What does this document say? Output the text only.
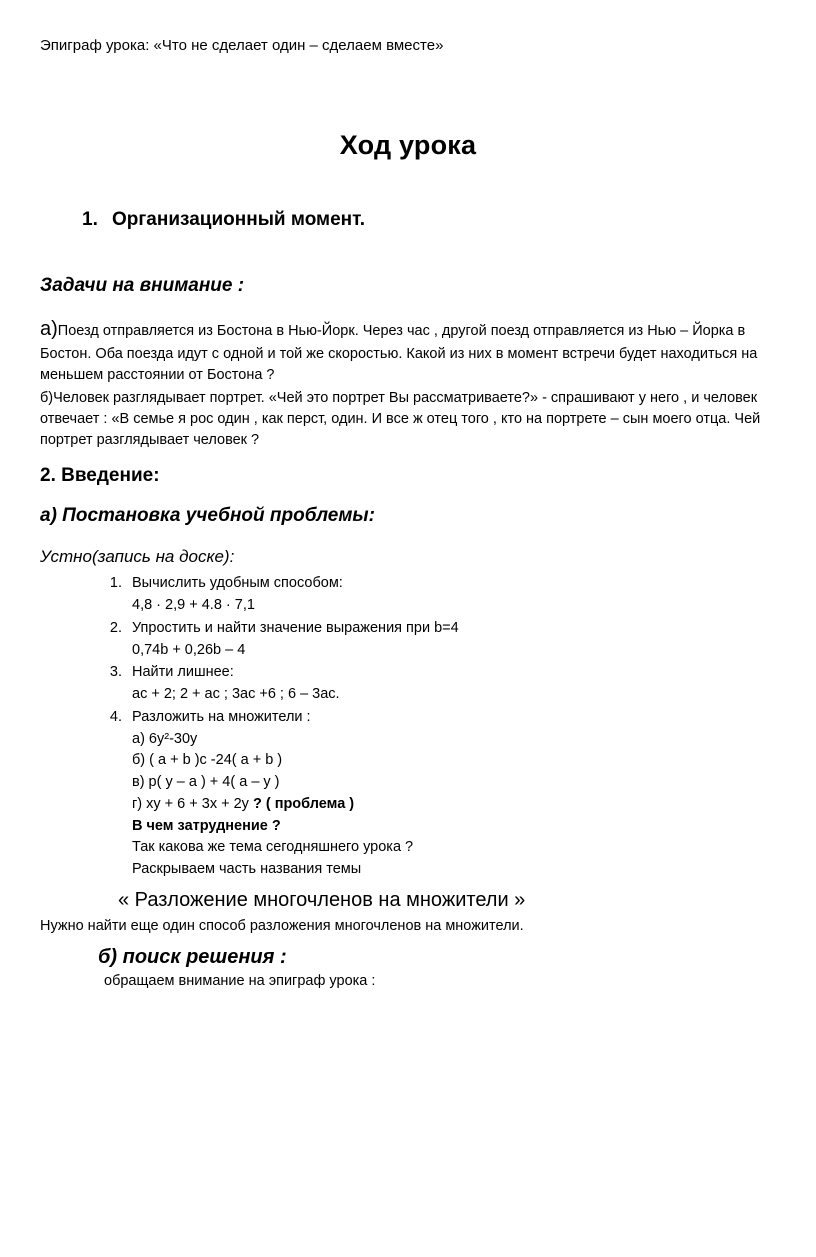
Эпиграф урока: «Что не сделает один – сделаем вместе»

Ход урока
1. Организационный момент.

Задачи на внимание :

а)Поезд отправляется из Бостона в Нью-Йорк. Через час , другой поезд отправляется из Нью – Йорка в Бостон. Оба поезда идут с одной и той же скоростью. Какой из них в момент встречи будет находиться на меньшем расстоянии от Бостона ?

б)Человек разглядывает портрет. «Чей это портрет Вы рассматриваете?» - спрашивают у него , и человек отвечает : «В семье я рос один , как перст, один. И все ж отец того , кто на портрете – сын моего отца. Чей портрет разглядывает человек ?

2. Введение:

а) Постановка учебной проблемы:

Устно(запись на доске):

1. Вычислить удобным способом:
4,8 · 2,9 + 4.8 · 7,1
2. Упростить и найти значение выражения при b=4
0,74b + 0,26b – 4
3. Найти лишнее:
ac + 2; 2 + ac ; 3ac +6 ; 6 – 3ac.
4. Разложить на множители :
а) 6y²-30y
б) ( a + b )c -24( a + b )
в) p( y – a ) + 4( a – y )
г) xy + 6 + 3x + 2y ? ( проблема )
В чем затруднение ?
Так какова же тема сегодняшнего урока ?
Раскрываем часть названия темы

« Разложение многочленов на множители »

Нужно найти еще один способ разложения многочленов на множители.

б) поиск решения :

обращаем внимание на эпиграф урока :
